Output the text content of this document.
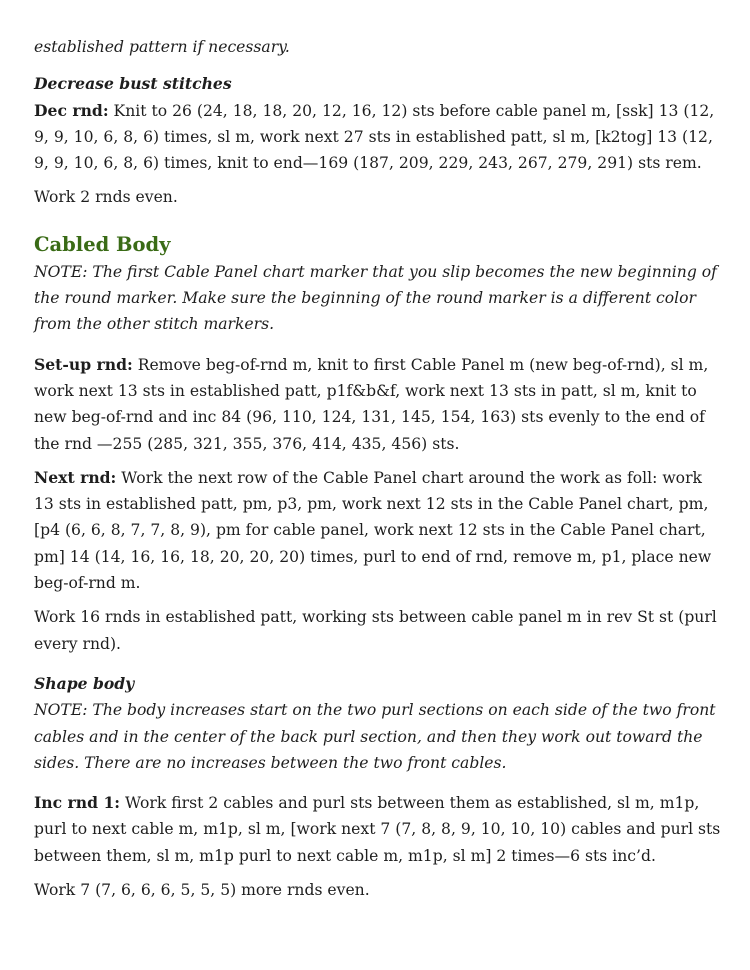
established pattern if necessary.

Decrease bust stitches

Dec rnd: Knit to 26 (24, 18, 18, 20, 12, 16, 12) sts before cable panel m, [ssk] 13 (12, 9, 9, 10, 6, 8, 6) times, sl m, work next 27 sts in established patt, sl m, [k2tog] 13 (12, 9, 9, 10, 6, 8, 6) times, knit to end—169 (187, 209, 229, 243, 267, 279, 291) sts rem.

Work 2 rnds even.

Cabled Body

NOTE: The first Cable Panel chart marker that you slip becomes the new beginning of the round marker. Make sure the beginning of the round marker is a different color from the other stitch markers.

Set-up rnd: Remove beg-of-rnd m, knit to first Cable Panel m (new beg-of-rnd), sl m, work next 13 sts in established patt, p1f&b&f, work next 13 sts in patt, sl m, knit to new beg-of-rnd and inc 84 (96, 110, 124, 131, 145, 154, 163) sts evenly to the end of the rnd —255 (285, 321, 355, 376, 414, 435, 456) sts.

Next rnd: Work the next row of the Cable Panel chart around the work as foll: work 13 sts in established patt, pm, p3, pm, work next 12 sts in the Cable Panel chart, pm, [p4 (6, 6, 8, 7, 7, 8, 9), pm for cable panel, work next 12 sts in the Cable Panel chart, pm] 14 (14, 16, 16, 18, 20, 20, 20) times, purl to end of rnd, remove m, p1, place new beg-of-rnd m.

Work 16 rnds in established patt, working sts between cable panel m in rev St st (purl every rnd).

Shape body

NOTE: The body increases start on the two purl sections on each side of the two front cables and in the center of the back purl section, and then they work out toward the sides. There are no increases between the two front cables.

Inc rnd 1: Work first 2 cables and purl sts between them as established, sl m, m1p, purl to next cable m, m1p, sl m, [work next 7 (7, 8, 8, 9, 10, 10, 10) cables and purl sts between them, sl m, m1p purl to next cable m, m1p, sl m] 2 times—6 sts inc’d.

Work 7 (7, 6, 6, 6, 5, 5, 5) more rnds even.
